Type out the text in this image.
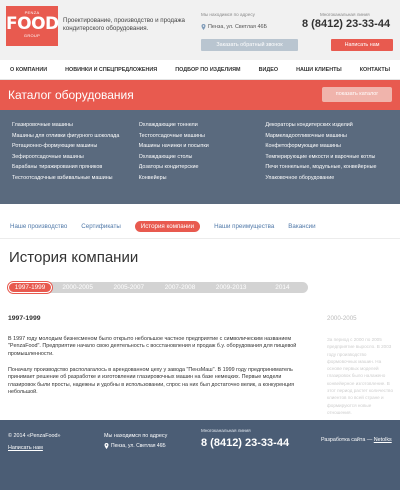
PENZA
FOOD
GROUP
Проектирование, производство и продажа кондитерского оборудования.
Мы находимся по адресу
Пенза, ул. Светлая 46Б
Заказать обратный звонок
Многоканальная линия
8 (8412) 23-33-44
Написать нам
О КОМПАНИИ	НОВИНКИ И СПЕЦПРЕДЛОЖЕНИЯ	ПОДБОР ПО ИЗДЕЛИЯМ	ВИДЕО	НАШИ КЛИЕНТЫ	КОНТАКТЫ
Каталог оборудования	показать каталог
Глазировочные машины
Машины для отливки фигурного шоколада
Ротационно-формующие машины
Зефироотсадочные машины
Барабаны тиражирования пряников
Тестоотсадочные взбивальные машины
Охлаждающие тоннели
Тестоотсадочные машины
Машины начинки и посыпки
Охлаждающие столы
Дозаторы кондитерские
Конвейеры
Декораторы кондитерских изделий
Мармеладоотливочные машины
Конфетоформующие машины
Темперирующие емкости и варочные котлы
Печи тоннельные, модульные, конвейерные
Упаковочное оборудование
Наше производство Сертификаты	История компании	Наши преимущества Вакансии
История компании
1997-1999	2000-2005	2005-2007	2007-2008	2009-2013	2014
1997-1999
В 1997 году молодым бизнесменом было открыто небольшое частное предприятие с символическим названием "PenzaFood". Предприятие начало свою деятельность с восстановления и продаж б.у. оборудования для пищевой промышленности.
Поначалу производство располагалось в арендованном цеху у завода "ПензМаш". В 1999 году предприниматель принимает решение об разработке и изготовлении глазировочных машин на базе немецких. Первые модели глазировок были просты, надежны и удобны в использовании, спрос на них был достаточно велик, а конкуренция небольшой.
2000-2005
За период с 2000 по 2005 предприятие выросло. В 2003 году производство формовочных машин. На основе первых моделей глазировок было налажено конвейерное изготовление. В этот период растет количество клиентов по всей стране и формируются новые отношения.
© 2014 «PenzaFood»
Написать нам
Мы находимся по адресу
Пенза, ул. Светлая 46Б
Многоканальная линия
8 (8412) 23-33-44	Разработка сайта — Netolks
